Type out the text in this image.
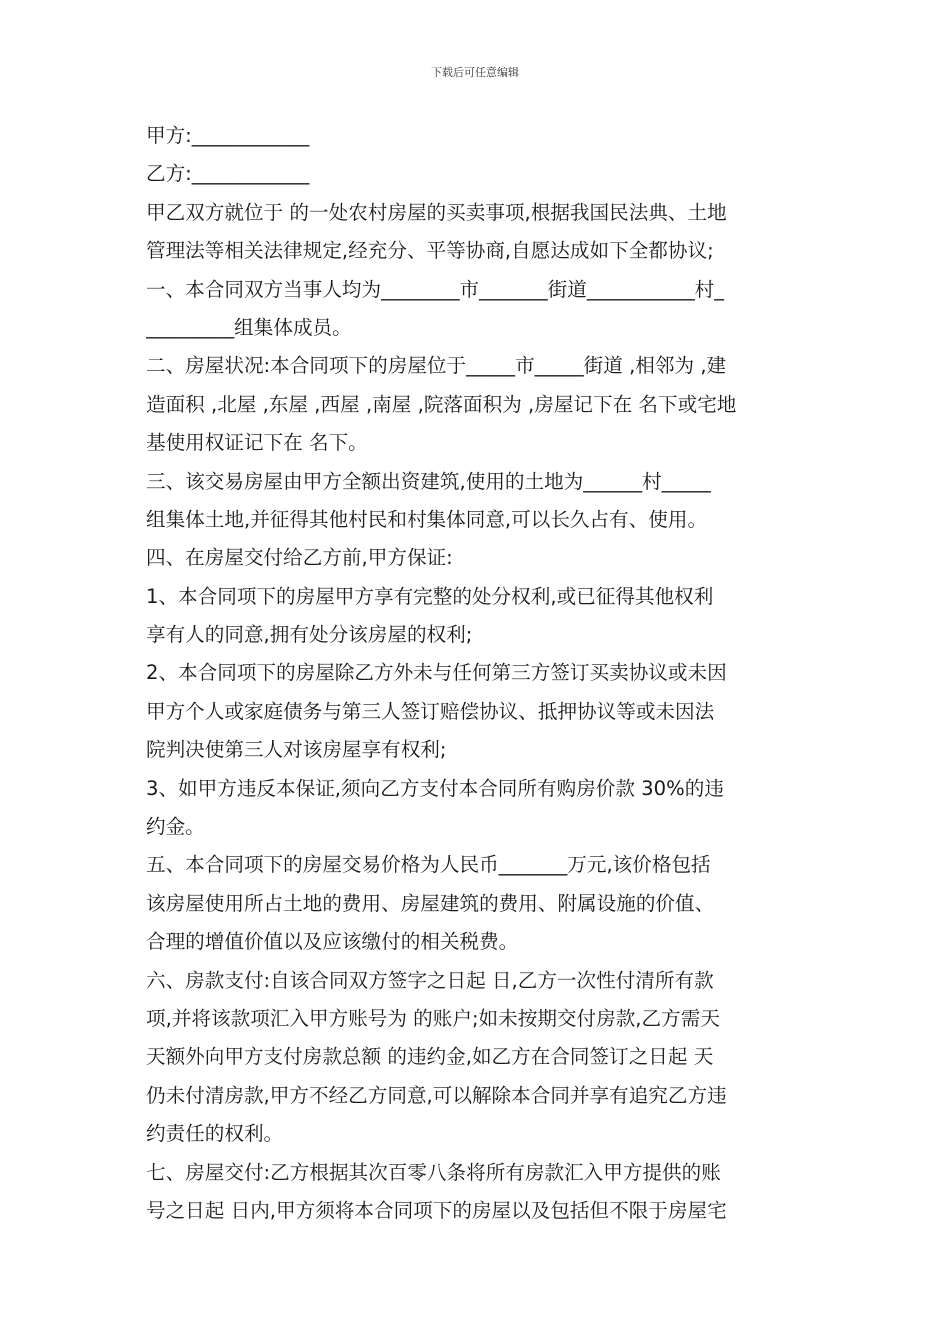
下载后可任意编辑
甲方:____________
乙方:____________
甲乙双方就位于 的一处农村房屋的买卖事项,根据我国民法典、土地
管理法等相关法律规定,经充分、平等协商,自愿达成如下全都协议;
一、本合同双方当事人均为________市_______街道___________村_
_________组集体成员。
二、房屋状况:本合同项下的房屋位于_____市_____街道 ,相邻为 ,建
造面积 ,北屋 ,东屋 ,西屋 ,南屋 ,院落面积为 ,房屋记下在 名下或宅地
基使用权证记下在 名下。
三、该交易房屋由甲方全额出资建筑,使用的土地为______村_____
组集体土地,并征得其他村民和村集体同意,可以长久占有、使用。
四、在房屋交付给乙方前,甲方保证:
1、本合同项下的房屋甲方享有完整的处分权利,或已征得其他权利
享有人的同意,拥有处分该房屋的权利;
2、本合同项下的房屋除乙方外未与任何第三方签订买卖协议或未因
甲方个人或家庭债务与第三人签订赔偿协议、抵押协议等或未因法
院判决使第三人对该房屋享有权利;
3、如甲方违反本保证,须向乙方支付本合同所有购房价款 30%的违
约金。
五、本合同项下的房屋交易价格为人民币_______万元,该价格包括
该房屋使用所占土地的费用、房屋建筑的费用、附属设施的价值、
合理的增值价值以及应该缴付的相关税费。
六、房款支付:自该合同双方签字之日起 日,乙方一次性付清所有款
项,并将该款项汇入甲方账号为 的账户;如未按期交付房款,乙方需天
天额外向甲方支付房款总额 的违约金,如乙方在合同签订之日起 天
仍未付清房款,甲方不经乙方同意,可以解除本合同并享有追究乙方违
约责任的权利。
七、房屋交付:乙方根据其次百零八条将所有房款汇入甲方提供的账
号之日起 日内,甲方须将本合同项下的房屋以及包括但不限于房屋宅
